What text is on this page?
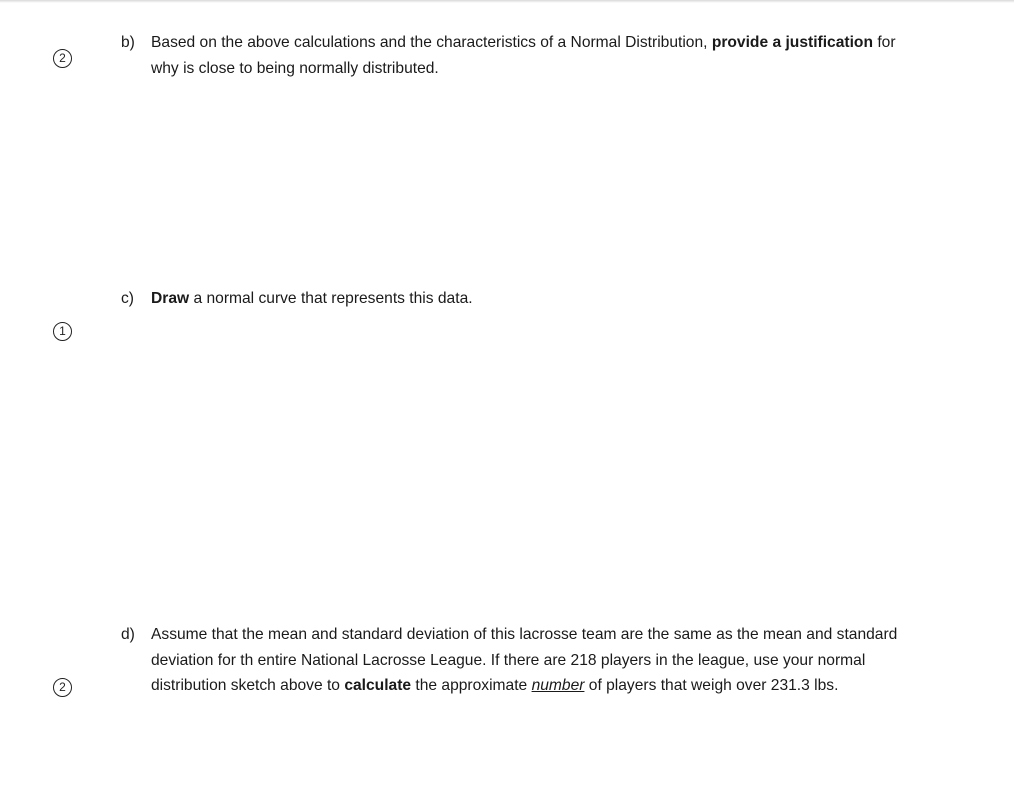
2
b) Based on the above calculations and the characteristics of a Normal Distribution, provide a justification for why is close to being normally distributed.
1
c) Draw a normal curve that represents this data.
2
d) Assume that the mean and standard deviation of this lacrosse team are the same as the mean and standard deviation for th entire National Lacrosse League. If there are 218 players in the league, use your normal distribution sketch above to calculate the approximate number of players that weigh over 231.3 lbs.
